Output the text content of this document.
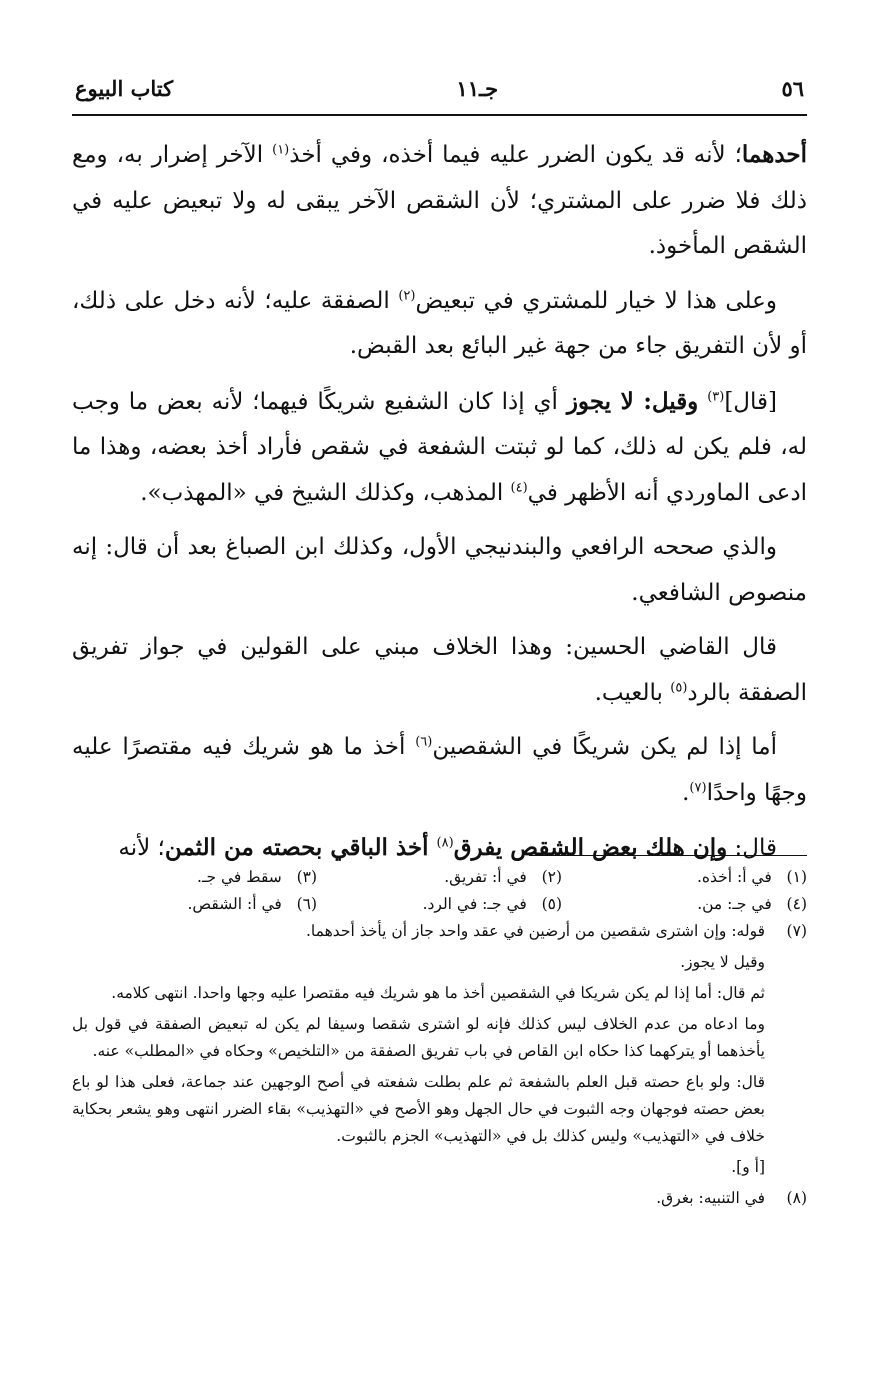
٥٦
جـ١١
كتاب البيوع

أحدهما؛ لأنه قد يكون الضرر عليه فيما أخذه، وفي أخذ$^{(١)}$ الآخر إضرار به، ومع ذلك فلا ضرر على المشتري؛ لأن الشقص الآخر يبقى له ولا تبعيض عليه في الشقص المأخوذ.

وعلى هذا لا خيار للمشتري في تبعيض$^{(٢)}$ الصفقة عليه؛ لأنه دخل على ذلك، أو لأن التفريق جاء من جهة غير البائع بعد القبض.

[قال]$^{(٣)}$ وقيل: لا يجوز أي إذا كان الشفيع شريكًا فيهما؛ لأنه بعض ما وجب له، فلم يكن له ذلك، كما لو ثبتت الشفعة في شقص فأراد أخذ بعضه، وهذا ما ادعى الماوردي أنه الأظهر في$^{(٤)}$ المذهب، وكذلك الشيخ في «المهذب».

والذي صححه الرافعي والبندنيجي الأول، وكذلك ابن الصباغ بعد أن قال: إنه منصوص الشافعي.

قال القاضي الحسين: وهذا الخلاف مبني على القولين في جواز تفريق الصفقة بالرد$^{(٥)}$ بالعيب.

أما إذا لم يكن شريكًا في الشقصين$^{(٦)}$ أخذ ما هو شريك فيه مقتصرًا عليه وجهًا واحدًا$^{(٧)}$.

قال: وإن هلك بعض الشقص يفرق$^{(٨)}$ أخذ الباقي بحصته من الثمن؛ لأنه

(١)   في أ: أخذه.
(٢)   في أ: تفريق.
(٣)   سقط في جـ.
(٤)   في جـ: من.
(٥)   في جـ: في الرد.
(٦)   في أ: الشقص.
(٧)

قوله: وإن اشترى شقصين من أرضين في عقد واحد جاز أن يأخذ أحدهما.

وقيل لا يجوز.

ثم قال: أما إذا لم يكن شريكا في الشقصين أخذ ما هو شريك فيه مقتصرا عليه وجها واحدا. انتهى كلامه.

وما ادعاه من عدم الخلاف ليس كذلك فإنه لو اشترى شقصا وسيفا لم يكن له تبعيض الصفقة في قول بل يأخذهما أو يتركهما كذا حكاه ابن القاص في باب تفريق الصفقة من «التلخيص» وحكاه في «المطلب» عنه.

قال: ولو باع حصته قبل العلم بالشفعة ثم علم بطلت شفعته في أصح الوجهين عند جماعة، فعلى هذا لو باع بعض حصته فوجهان وجه الثبوت في حال الجهل وهو الأصح في «التهذيب» بقاء الضرر انتهى وهو يشعر بحكاية خلاف في «التهذيب» وليس كذلك بل في «التهذيب» الجزم بالثبوت.

[أ و].

(٨)

في التنبيه: بغرق.
